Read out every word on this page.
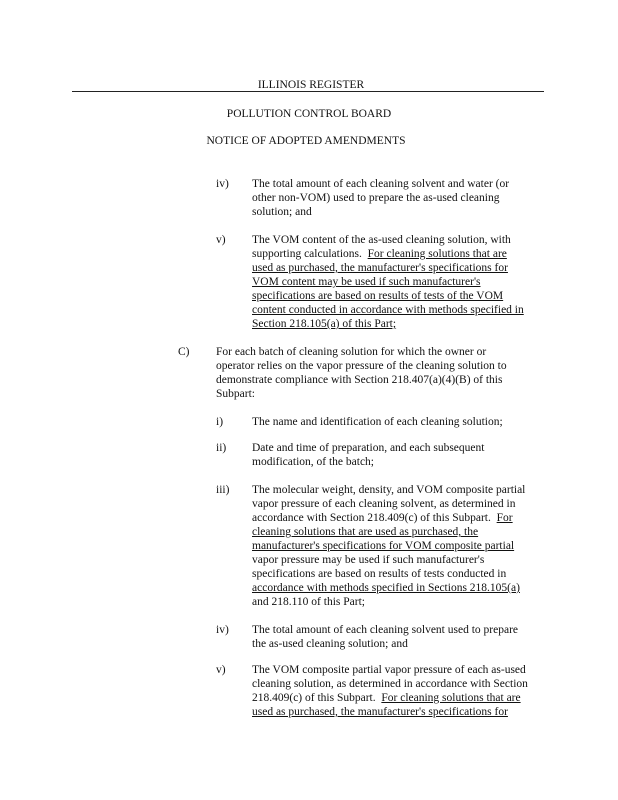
ILLINOIS REGISTER
POLLUTION CONTROL BOARD
NOTICE OF ADOPTED AMENDMENTS
iv) The total amount of each cleaning solvent and water (or
other non-VOM) used to prepare the as-used cleaning
solution; and
v) The VOM content of the as-used cleaning solution, with
supporting calculations. For cleaning solutions that are
used as purchased, the manufacturer's specifications for
VOM content may be used if such manufacturer's
specifications are based on results of tests of the VOM
content conducted in accordance with methods specified in
Section 218.105(a) of this Part;
C) For each batch of cleaning solution for which the owner or
operator relies on the vapor pressure of the cleaning solution to
demonstrate compliance with Section 218.407(a)(4)(B) of this
Subpart:
i)	The name and identification of each cleaning solution;
ii) Date and time of preparation, and each subsequent
modification, of the batch;
iii) The molecular weight, density, and VOM composite partial
vapor pressure of each cleaning solvent, as determined in
accordance with Section 218.409(c) of this Subpart. For
cleaning solutions that are used as purchased, the
manufacturer's specifications for VOM composite partial
vapor pressure may be used if such manufacturer's
specifications are based on results of tests conducted in
accordance with methods specified in Sections 218.105(a)
and 218.110 of this Part;
iv) The total amount of each cleaning solvent used to prepare
the as-used cleaning solution; and
v) The VOM composite partial vapor pressure of each as-used
cleaning solution, as determined in accordance with Section
218.409(c) of this Subpart. For cleaning solutions that are
used as purchased, the manufacturer's specifications for
